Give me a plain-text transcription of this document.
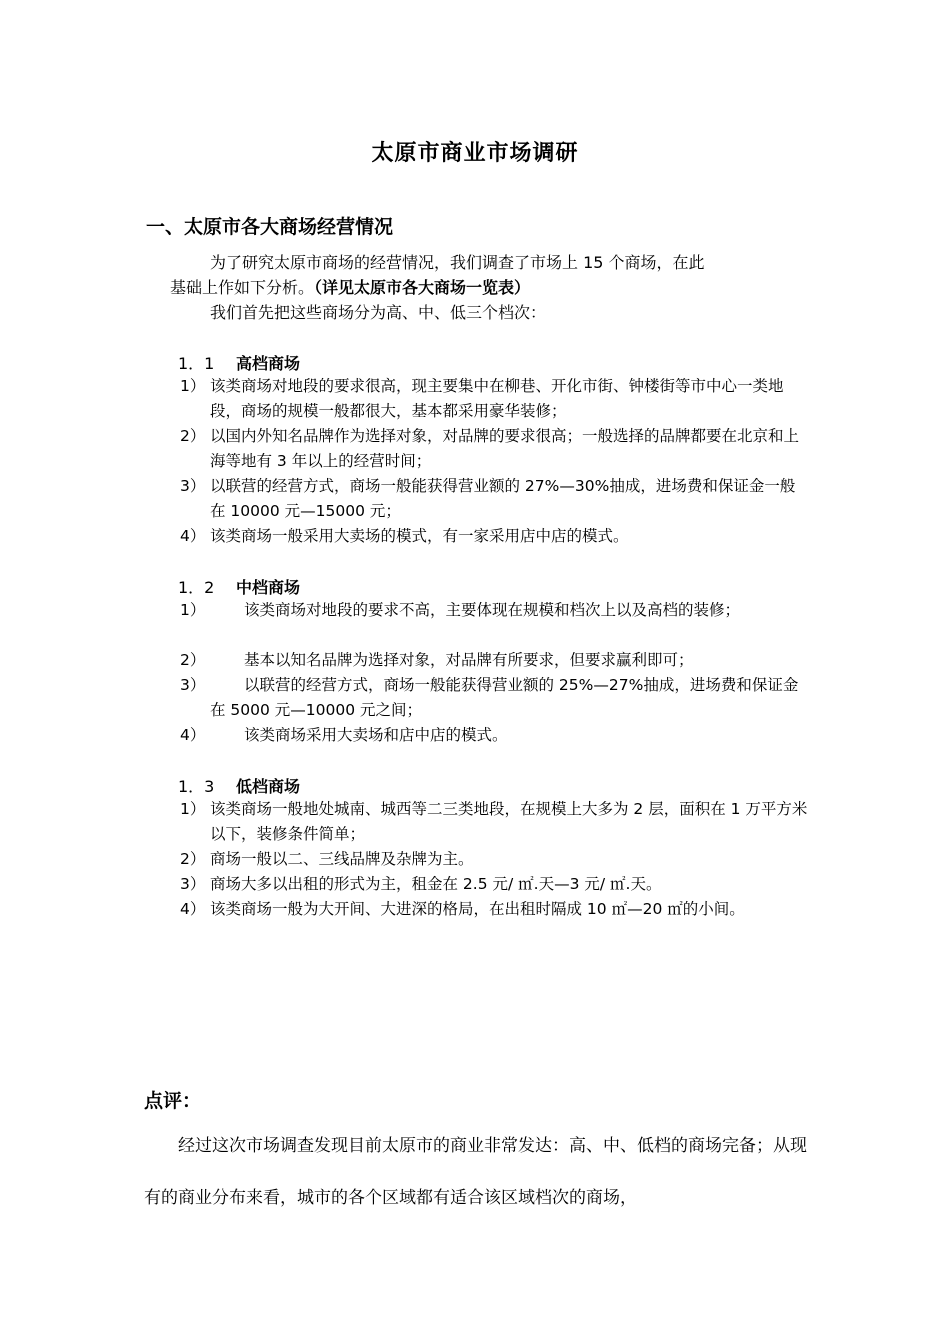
太原市商业市场调研
一、太原市各大商场经营情况
为了研究太原市商场的经营情况，我们调查了市场上 15 个商场，在此
基础上作如下分析。（详见太原市各大商场一览表）
我们首先把这些商场分为高、中、低三个档次：
1．1 高档商场
1） 该类商场对地段的要求很高，现主要集中在柳巷、开化市街、钟楼街等市中心一类地段，商场的规模一般都很大，基本都采用豪华装修；
2） 以国内外知名品牌作为选择对象，对品牌的要求很高；一般选择的品牌都要在北京和上海等地有 3 年以上的经营时间；
3） 以联营的经营方式，商场一般能获得营业额的 27%—30%抽成，进场费和保证金一般在 10000 元—15000 元；
4） 该类商场一般采用大卖场的模式，有一家采用店中店的模式。
1．2 中档商场
1）	该类商场对地段的要求不高，主要体现在规模和档次上以及高档的装修；
2）	基本以知名品牌为选择对象，对品牌有所要求，但要求赢利即可；
3）	以联营的经营方式，商场一般能获得营业额的 25%—27%抽成，进场费和保证金在 5000 元—10000 元之间；
4）	该类商场采用大卖场和店中店的模式。
1．3 低档商场
1） 该类商场一般地处城南、城西等二三类地段，在规模上大多为 2 层，面积在 1 万平方米以下，装修条件简单；
2） 商场一般以二、三线品牌及杂牌为主。
3） 商场大多以出租的形式为主，租金在 2.5 元/ ㎡.天—3 元/ ㎡.天。
4） 该类商场一般为大开间、大进深的格局，在出租时隔成 10 ㎡—20 ㎡的小间。
点评：
经过这次市场调查发现目前太原市的商业非常发达：高、中、低档的商场完备；从现有的商业分布来看，城市的各个区域都有适合该区域档次的商场，
